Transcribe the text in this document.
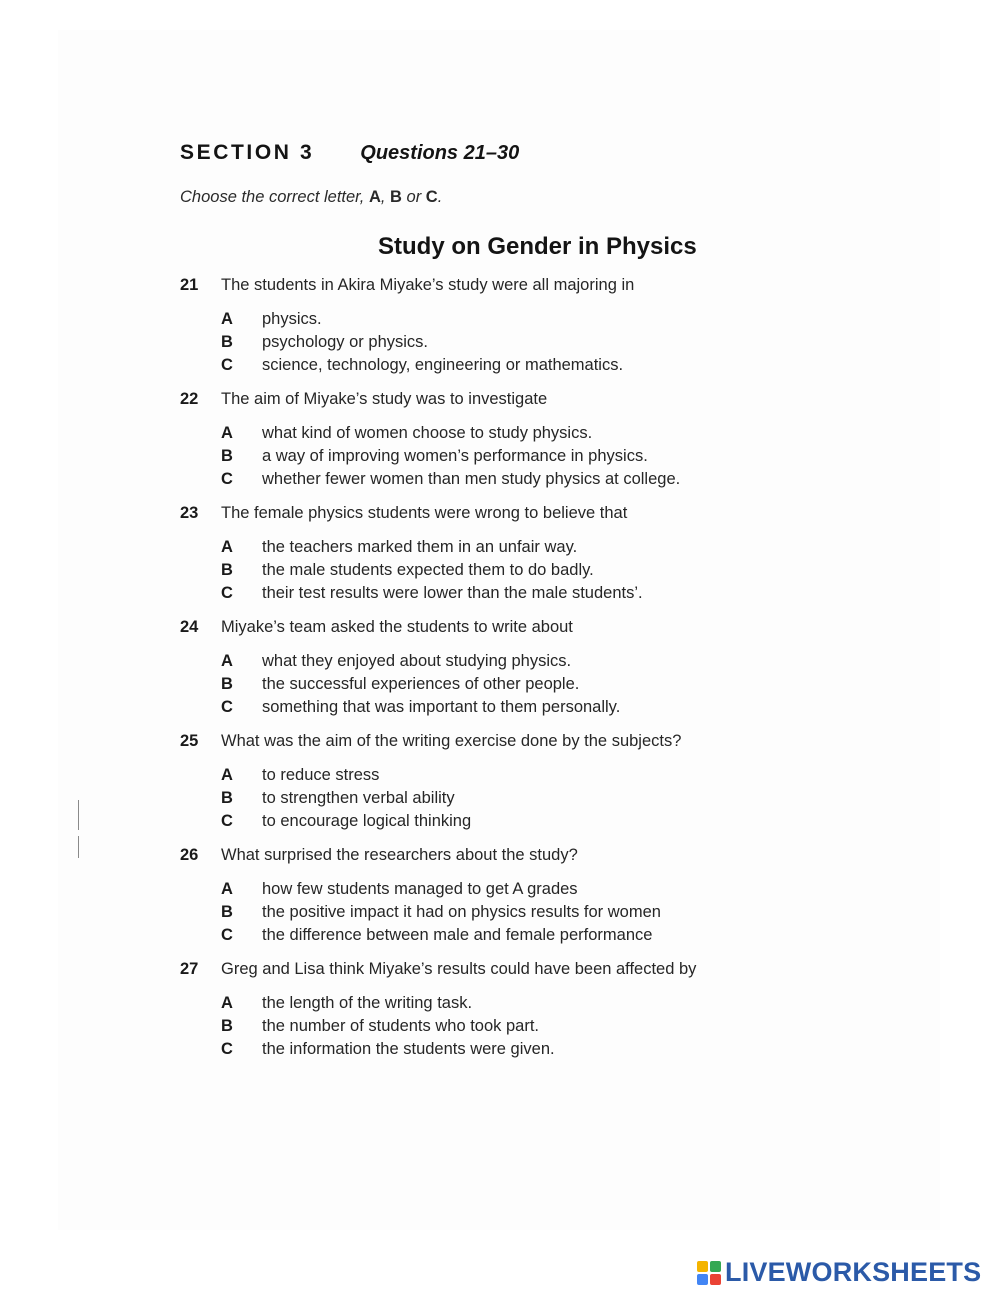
SECTION 3 Questions 21–30
Choose the correct letter, A, B or C.
Study on Gender in Physics
21	The students in Akira Miyake’s study were all majoring in
A	physics.
B	psychology or physics.
C	science, technology, engineering or mathematics.
22	The aim of Miyake’s study was to investigate
A	what kind of women choose to study physics.
B	a way of improving women’s performance in physics.
C	whether fewer women than men study physics at college.
23	The female physics students were wrong to believe that
A	the teachers marked them in an unfair way.
B	the male students expected them to do badly.
C	their test results were lower than the male students’.
24	Miyake’s team asked the students to write about
A	what they enjoyed about studying physics.
B	the successful experiences of other people.
C	something that was important to them personally.
25	What was the aim of the writing exercise done by the subjects?
A	to reduce stress
B	to strengthen verbal ability
C	to encourage logical thinking
26	What surprised the researchers about the study?
A	how few students managed to get A grades
B	the positive impact it had on physics results for women
C	the difference between male and female performance
27	Greg and Lisa think Miyake’s results could have been affected by
A	the length of the writing task.
B	the number of students who took part.
C	the information the students were given.
LIVEWORKSHEETS
